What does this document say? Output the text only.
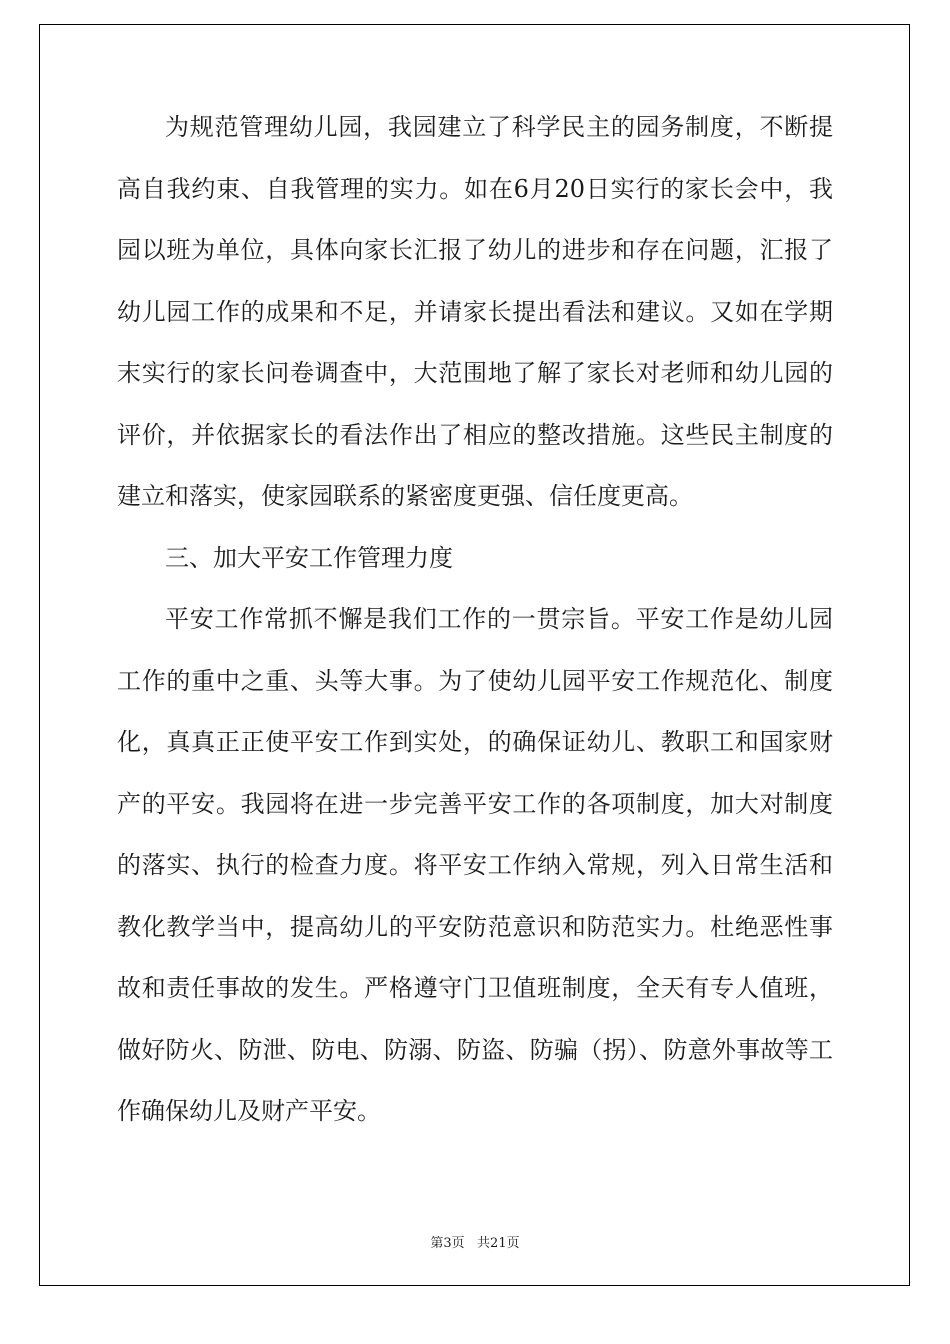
为规范管理幼儿园，我园建立了科学民主的园务制度，不断提高自我约束、自我管理的实力。如在6月20日实行的家长会中，我园以班为单位，具体向家长汇报了幼儿的进步和存在问题，汇报了幼儿园工作的成果和不足，并请家长提出看法和建议。又如在学期末实行的家长问卷调查中，大范围地了解了家长对老师和幼儿园的评价，并依据家长的看法作出了相应的整改措施。这些民主制度的建立和落实，使家园联系的紧密度更强、信任度更高。

三、加大平安工作管理力度

平安工作常抓不懈是我们工作的一贯宗旨。平安工作是幼儿园工作的重中之重、头等大事。为了使幼儿园平安工作规范化、制度化，真真正正使平安工作到实处，的确保证幼儿、教职工和国家财产的平安。我园将在进一步完善平安工作的各项制度，加大对制度的落实、执行的检查力度。将平安工作纳入常规，列入日常生活和教化教学当中，提高幼儿的平安防范意识和防范实力。杜绝恶性事故和责任事故的发生。严格遵守门卫值班制度，全天有专人值班，做好防火、防泄、防电、防溺、防盗、防骗（拐）、防意外事故等工作确保幼儿及财产平安。

第3页   共21页
